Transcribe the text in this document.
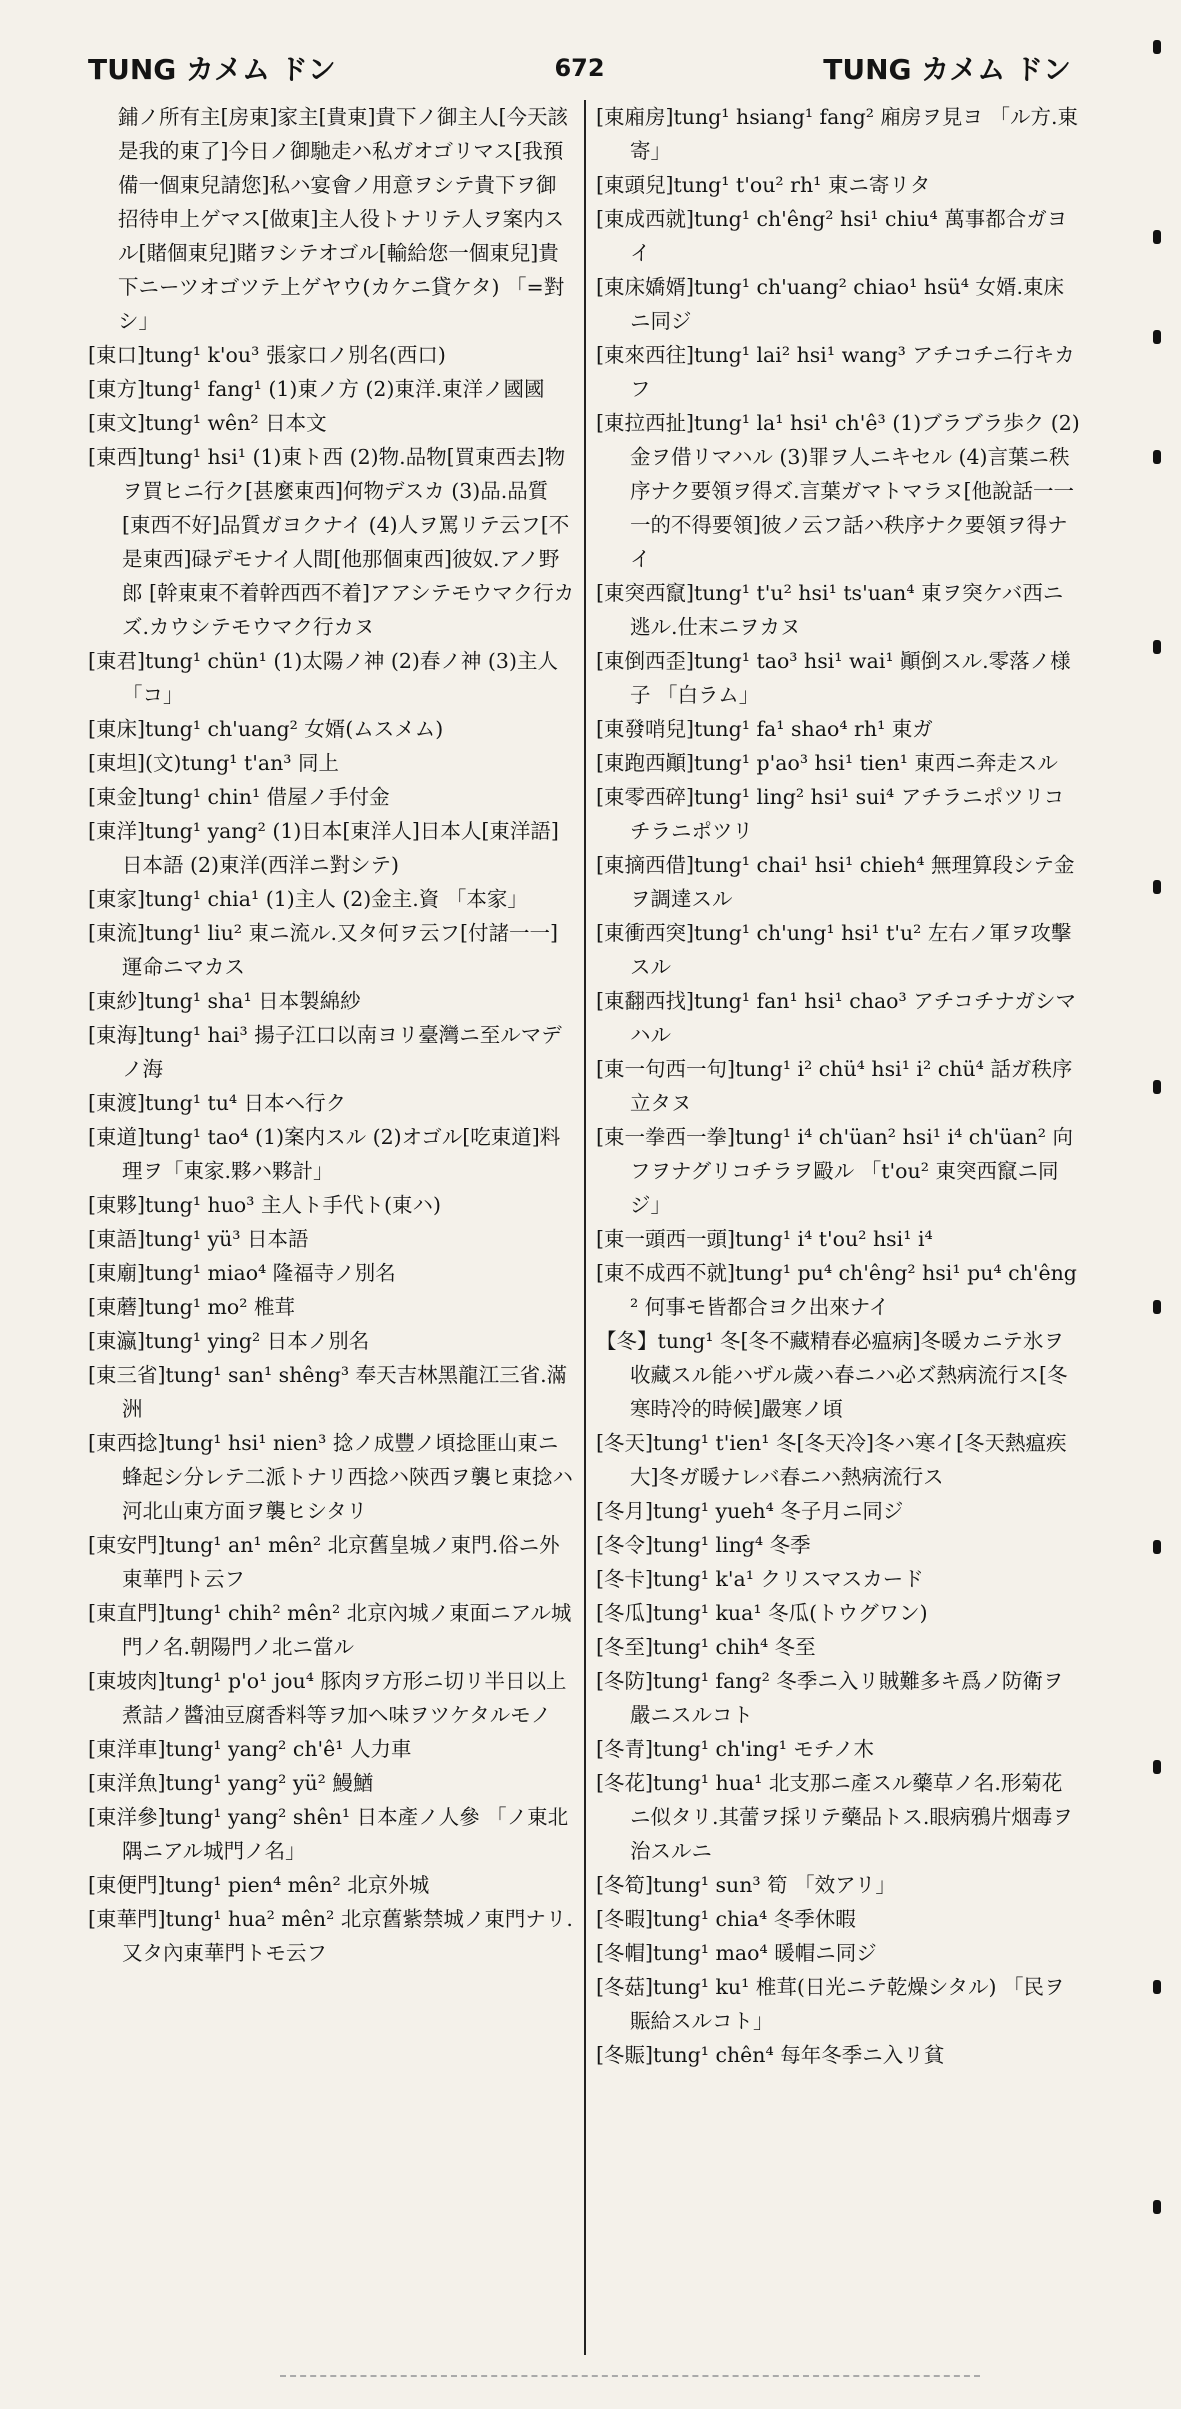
TUNG カメム ドン	672	TUNG カメム ドン

鋪ノ所有主[房東]家主[貴東]貴下ノ御主人[今天該是我的東了]今日ノ御馳走ハ私ガオゴリマス[我預備一個東兒請您]私ハ宴會ノ用意ヲシテ貴下ヲ御招待申上ゲマス[做東]主人役トナリテ人ヲ案内スル[賭個東兒]賭ヲシテオゴル[輸給您一個東兒]貴下ニーツオゴツテ上ゲヤウ(カケニ貸ケタ) 「=對シ」

[東口]tung¹ k'ou³ 張家口ノ別名(西口)

[東方]tung¹ fang¹ (1)東ノ方 (2)東洋.東洋ノ國國

[東文]tung¹ wên² 日本文

[東西]tung¹ hsi¹ (1)東ト西 (2)物.品物[買東西去]物ヲ買ヒニ行ク[甚麼東西]何物デスカ (3)品.品質[東西不好]品質ガヨクナイ (4)人ヲ罵リテ云フ[不是東西]碌デモナイ人間[他那個東西]彼奴.アノ野郎 [幹東東不着幹西西不着]アアシテモウマク行カズ.カウシテモウマク行カヌ

[東君]tung¹ chün¹ (1)太陽ノ神 (2)春ノ神 (3)主人 「コ」

[東床]tung¹ ch'uang² 女婿(ムスメム)

[東坦](文)tung¹ t'an³ 同上

[東金]tung¹ chin¹ 借屋ノ手付金

[東洋]tung¹ yang² (1)日本[東洋人]日本人[東洋語]日本語 (2)東洋(西洋ニ對シテ)

[東家]tung¹ chia¹ (1)主人 (2)金主.資 「本家」

[東流]tung¹ liu² 東ニ流ル.又タ何ヲ云フ[付諸一一]運命ニマカス

[東紗]tung¹ sha¹ 日本製綿紗

[東海]tung¹ hai³ 揚子江口以南ヨリ臺灣ニ至ルマデノ海

[東渡]tung¹ tu⁴ 日本ヘ行ク

[東道]tung¹ tao⁴ (1)案内スル (2)オゴル[吃東道]料理ヲ「東家.夥ハ夥計」

[東夥]tung¹ huo³ 主人ト手代ト(東ハ)

[東語]tung¹ yü³ 日本語

[東廟]tung¹ miao⁴ 隆福寺ノ別名

[東蘑]tung¹ mo² 椎茸

[東瀛]tung¹ ying² 日本ノ別名

[東三省]tung¹ san¹ shêng³ 奉天吉林黑龍江三省.滿洲

[東西捻]tung¹ hsi¹ nien³ 捻ノ成豐ノ頃捻匪山東ニ蜂起シ分レテ二派トナリ西捻ハ陝西ヲ襲ヒ東捻ハ河北山東方面ヲ襲ヒシタリ

[東安門]tung¹ an¹ mên² 北京舊皇城ノ東門.俗ニ外東華門ト云フ

[東直門]tung¹ chih² mên² 北京內城ノ東面ニアル城門ノ名.朝陽門ノ北ニ當ル

[東坡肉]tung¹ p'o¹ jou⁴ 豚肉ヲ方形ニ切リ半日以上煮詰ノ醬油豆腐香料等ヲ加ヘ味ヲツケタルモノ

[東洋車]tung¹ yang² ch'ê¹ 人力車

[東洋魚]tung¹ yang² yü² 鰻鰌

[東洋參]tung¹ yang² shên¹ 日本產ノ人參 「ノ東北隅ニアル城門ノ名」

[東便門]tung¹ pien⁴ mên² 北京外城

[東華門]tung¹ hua² mên² 北京舊紫禁城ノ東門ナリ.又タ內東華門トモ云フ

[東廂房]tung¹ hsiang¹ fang² 廂房ヲ見ヨ 「ル方.東寄」

[東頭兒]tung¹ t'ou² rh¹ 東ニ寄リタ

[東成西就]tung¹ ch'êng² hsi¹ chiu⁴ 萬事都合ガヨイ

[東床嬌婿]tung¹ ch'uang² chiao¹ hsü⁴ 女婿.東床ニ同ジ

[東來西往]tung¹ lai² hsi¹ wang³ アチコチニ行キカフ

[東拉西扯]tung¹ la¹ hsi¹ ch'ê³ (1)ブラブラ歩ク (2)金ヲ借リマハル (3)罪ヲ人ニキセル (4)言葉ニ秩序ナク要領ヲ得ズ.言葉ガマトマラヌ[他說話一一一的不得要領]彼ノ云フ話ハ秩序ナク要領ヲ得ナイ

[東突西竄]tung¹ t'u² hsi¹ ts'uan⁴ 東ヲ突ケバ西ニ逃ル.仕末ニヲカヌ

[東倒西歪]tung¹ tao³ hsi¹ wai¹ 顚倒スル.零落ノ様子 「白ラム」

[東發哨兒]tung¹ fa¹ shao⁴ rh¹ 東ガ

[東跑西顚]tung¹ p'ao³ hsi¹ tien¹ 東西ニ奔走スル

[東零西碎]tung¹ ling² hsi¹ sui⁴ アチラニポツリコチラニポツリ

[東摘西借]tung¹ chai¹ hsi¹ chieh⁴ 無理算段シテ金ヲ調達スル

[東衝西突]tung¹ ch'ung¹ hsi¹ t'u² 左右ノ軍ヲ攻擊スル

[東翻西找]tung¹ fan¹ hsi¹ chao³ アチコチナガシマハル

[東一句西一句]tung¹ i² chü⁴ hsi¹ i² chü⁴ 話ガ秩序立タヌ

[東一拳西一拳]tung¹ i⁴ ch'üan² hsi¹ i⁴ ch'üan² 向フヲナグリコチラヲ毆ル 「t'ou² 東突西竄ニ同ジ」

[東一頭西一頭]tung¹ i⁴ t'ou² hsi¹ i⁴

[東不成西不就]tung¹ pu⁴ ch'êng² hsi¹ pu⁴ ch'êng² 何事モ皆都合ヨク出來ナイ

【冬】tung¹ 冬[冬不藏精春必瘟病]冬暖カニテ氷ヲ收藏スル能ハザル歲ハ春ニハ必ズ熱病流行ス[冬寒時冷的時候]嚴寒ノ頃

[冬天]tung¹ t'ien¹ 冬[冬天冷]冬ハ寒イ[冬天熱瘟疾大]冬ガ暖ナレバ春ニハ熱病流行ス

[冬月]tung¹ yueh⁴ 冬子月ニ同ジ

[冬令]tung¹ ling⁴ 冬季

[冬卡]tung¹ k'a¹ クリスマスカード

[冬瓜]tung¹ kua¹ 冬瓜(トウグワン)

[冬至]tung¹ chih⁴ 冬至

[冬防]tung¹ fang² 冬季ニ入リ賊難多キ爲ノ防衛ヲ嚴ニスルコト

[冬青]tung¹ ch'ing¹ モチノ木

[冬花]tung¹ hua¹ 北支那ニ產スル藥草ノ名.形菊花ニ似タリ.其蕾ヲ採リテ藥品トス.眼病鴉片烟毒ヲ治スルニ

[冬筍]tung¹ sun³ 筍 「效アリ」

[冬暇]tung¹ chia⁴ 冬季休暇

[冬帽]tung¹ mao⁴ 暖帽ニ同ジ

[冬菇]tung¹ ku¹ 椎茸(日光ニテ乾燥シタル) 「民ヲ賑給スルコト」

[冬賑]tung¹ chên⁴ 每年冬季ニ入リ貧
